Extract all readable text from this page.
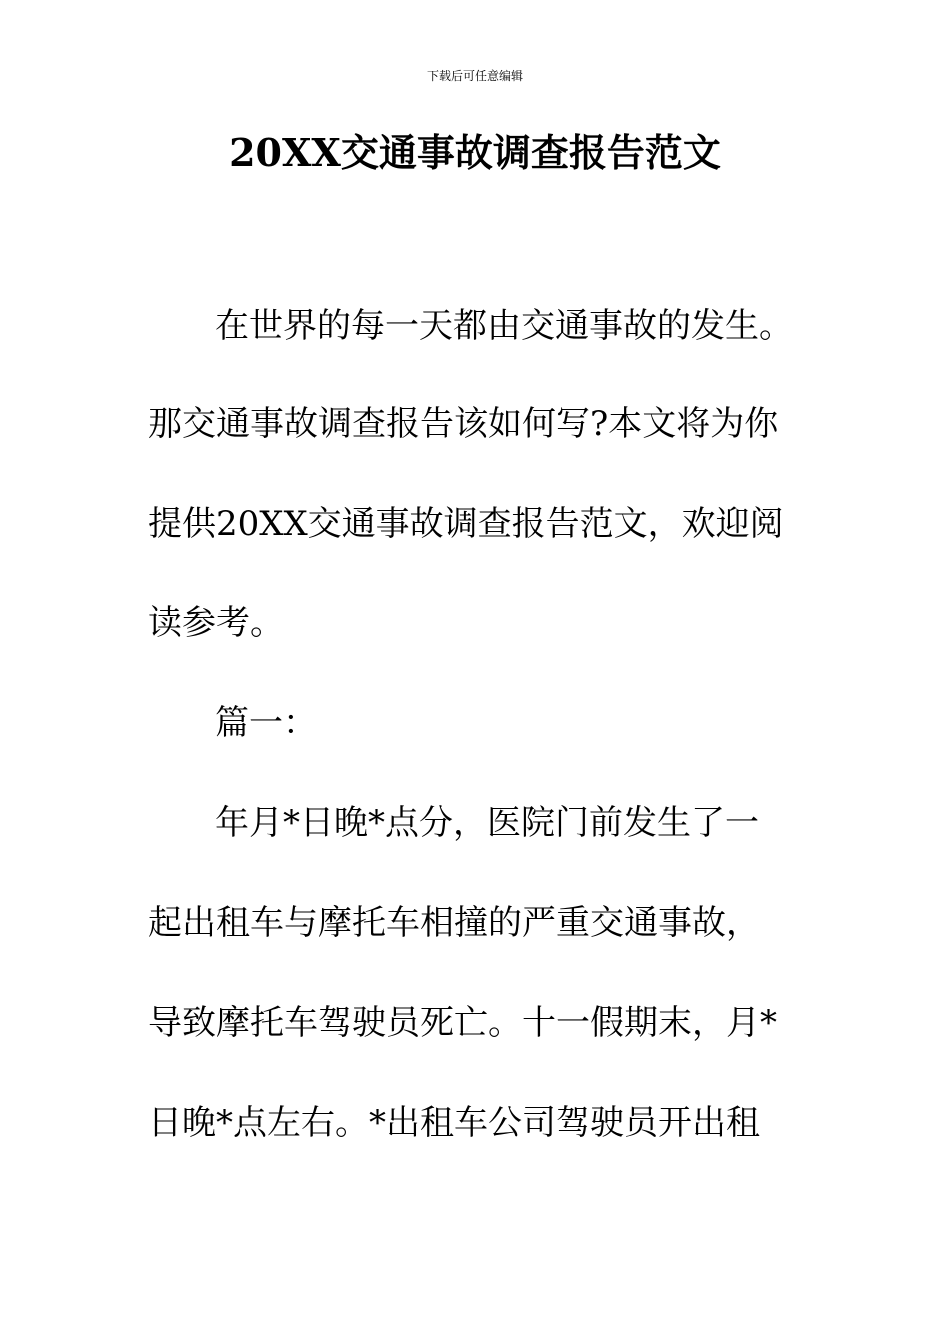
下载后可任意编辑
20XX交通事故调查报告范文
在世界的每一天都由交通事故的发生。
那交通事故调查报告该如何写?本文将为你
提供20XX交通事故调查报告范文，欢迎阅
读参考。
篇一：
年月*日晚*点分，医院门前发生了一
起出租车与摩托车相撞的严重交通事故，
导致摩托车驾驶员死亡。十一假期末，月*
日晚*点左右。*出租车公司驾驶员开出租
